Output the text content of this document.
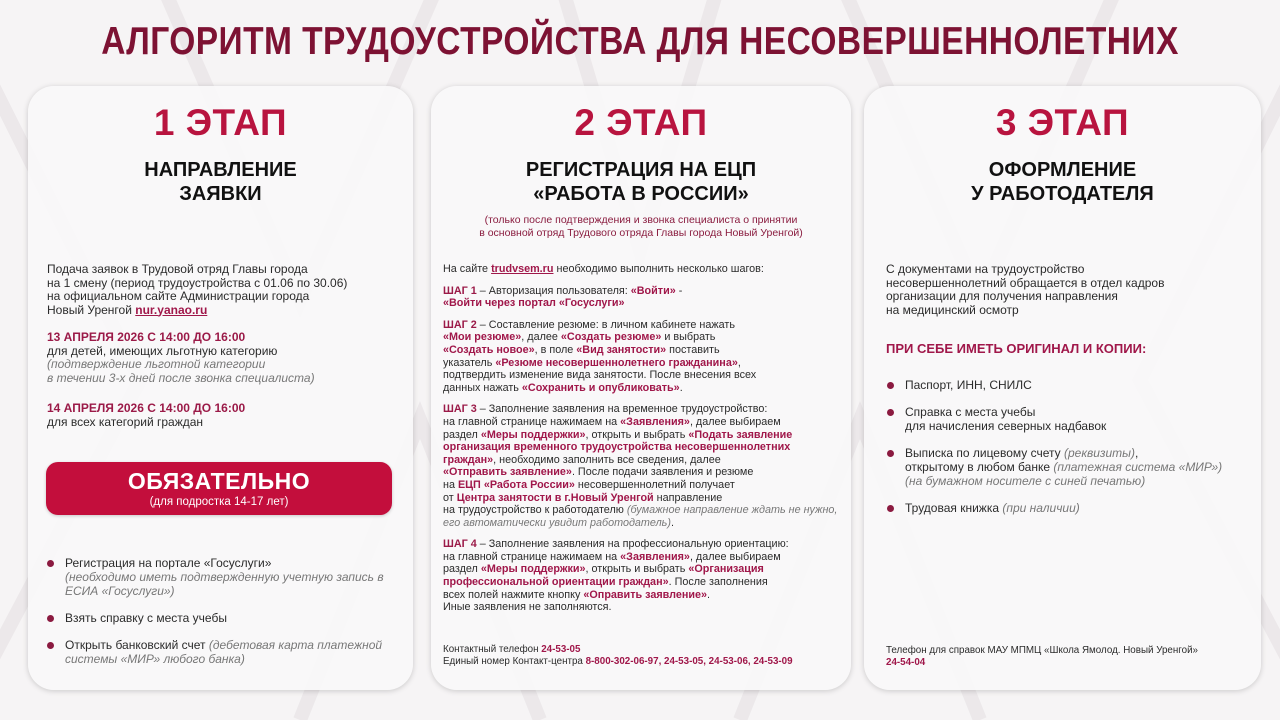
АЛГОРИТМ ТРУДОУСТРОЙСТВА ДЛЯ НЕСОВЕРШЕННОЛЕТНИХ
1 ЭТАП
НАПРАВЛЕНИЕ
ЗАЯВКИ
Подача заявок в Трудовой отряд Главы города
на 1 смену (период трудоустройства с 01.06 по 30.06)
на официальном сайте Администрации города
Новый Уренгой nur.yanao.ru
13 АПРЕЛЯ 2026 С 14:00 ДО 16:00
для детей, имеющих льготную категорию
(подтверждение льготной категории
в течении 3-х дней после звонка специалиста)
14 АПРЕЛЯ 2026 С 14:00 ДО 16:00
для всех категорий граждан
ОБЯЗАТЕЛЬНО
(для подростка 14-17 лет)
Регистрация на портале «Госуслуги»
(необходимо иметь подтвержденную учетную запись в ЕСИА «Госуслуги»)
Взять справку с места учебы
Открыть банковский счет (дебетовая карта платежной системы «МИР» любого банка)
2 ЭТАП
РЕГИСТРАЦИЯ НА ЕЦП
«РАБОТА В РОССИИ»
(только после подтверждения и звонка специалиста о принятии
в основной отряд Трудового отряда Главы города Новый Уренгой)
На сайте trudvsem.ru необходимо выполнить несколько шагов:
ШАГ 1 – Авторизация пользователя: «Войти» -
«Войти через портал «Госуслуги»
ШАГ 2 – Составление резюме: в личном кабинете нажать
«Мои резюме», далее «Создать резюме» и выбрать
«Создать новое», в поле «Вид занятости» поставить
указатель «Резюме несовершеннолетнего гражданина»,
подтвердить изменение вида занятости. После внесения всех
данных нажать «Сохранить и опубликовать».
ШАГ 3 – Заполнение заявления на временное трудоустройство:
на главной странице нажимаем на «Заявления», далее выбираем
раздел «Меры поддержки», открыть и выбрать «Подать заявление организация временного трудоустройства несовершеннолетних граждан», необходимо заполнить все сведения, далее
«Отправить заявление». После подачи заявления и резюме
на ЕЦП «Работа России» несовершеннолетний получает
от Центра занятости в г.Новый Уренгой направление
на трудоустройство к работодателю (бумажное направление ждать не нужно, его автоматически увидит работодатель).
ШАГ 4 – Заполнение заявления на профессиональную ориентацию:
на главной странице нажимаем на «Заявления», далее выбираем
раздел «Меры поддержки», открыть и выбрать «Организация профессиональной ориентации граждан». После заполнения
всех полей нажмите кнопку «Оправить заявление».
Иные заявления не заполняются.
Контактный телефон 24-53-05
Единый номер Контакт-центра 8-800-302-06-97, 24-53-05, 24-53-06, 24-53-09
3 ЭТАП
ОФОРМЛЕНИЕ
У РАБОТОДАТЕЛЯ
С документами на трудоустройство
несовершеннолетний обращается в отдел кадров
организации для получения направления
на медицинский осмотр
ПРИ СЕБЕ ИМЕТЬ ОРИГИНАЛ И КОПИИ:
Паспорт, ИНН, СНИЛС
Справка с места учебы
для начисления северных надбавок
Выписка по лицевому счету (реквизиты),
открытому в любом банке (платежная система «МИР»)
(на бумажном носителе с синей печатью)
Трудовая книжка (при наличии)
Телефон для справок МАУ МПМЦ «Школа Ямолод. Новый Уренгой»
24-54-04
